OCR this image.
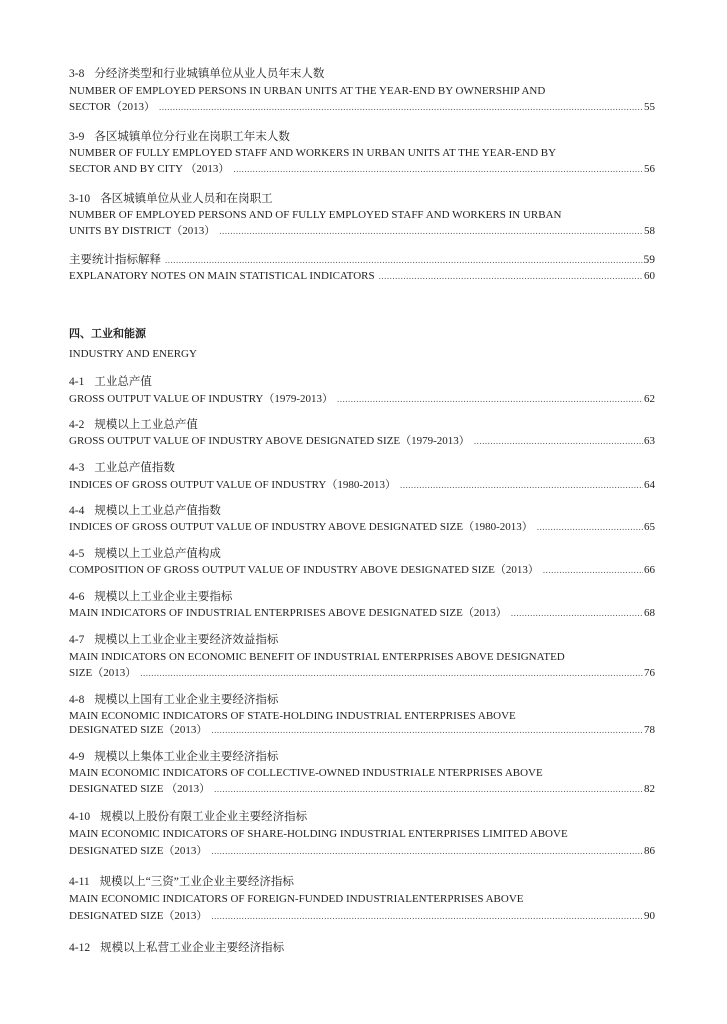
3-8 分经济类型和行业城镇单位从业人员年末人数
NUMBER OF EMPLOYED PERSONS IN URBAN UNITS AT THE YEAR-END BY OWNERSHIP AND
SECTOR（2013） .....	55
3-9 各区城镇单位分行业在岗职工年末人数
NUMBER OF FULLY EMPLOYED STAFF AND WORKERS IN URBAN UNITS AT THE YEAR-END BY
SECTOR AND BY CITY （2013） .....	56
3-10 各区城镇单位从业人员和在岗职工
NUMBER OF EMPLOYED PERSONS AND OF FULLY EMPLOYED STAFF AND WORKERS IN URBAN
UNITS BY DISTRICT（2013） .....	58
主要统计指标解释 .....	59
EXPLANATORY NOTES ON MAIN STATISTICAL INDICATORS .....	60
4-1 工业总产值
GROSS OUTPUT VALUE OF INDUSTRY（1979-2013） .....	62
4-2 规模以上工业总产值
GROSS OUTPUT VALUE OF INDUSTRY ABOVE DESIGNATED SIZE（1979-2013） .....	63
4-3 工业总产值指数
INDICES OF GROSS OUTPUT VALUE OF INDUSTRY（1980-2013） .....	64
4-4 规模以上工业总产值指数
INDICES OF GROSS OUTPUT VALUE OF INDUSTRY ABOVE DESIGNATED SIZE（1980-2013） .....	65
4-5 规模以上工业总产值构成
COMPOSITION OF GROSS OUTPUT VALUE OF INDUSTRY ABOVE DESIGNATED SIZE（2013） .....	66
4-6 规模以上工业企业主要指标
MAIN INDICATORS OF INDUSTRIAL ENTERPRISES ABOVE DESIGNATED SIZE（2013） .....	68
4-7 规模以上工业企业主要经济效益指标
MAIN INDICATORS ON ECONOMIC BENEFIT OF INDUSTRIAL ENTERPRISES ABOVE DESIGNATED
SIZE（2013） .....	76
4-8 规模以上国有工业企业主要经济指标
MAIN ECONOMIC INDICATORS OF STATE-HOLDING INDUSTRIAL ENTERPRISES ABOVE
DESIGNATED SIZE（2013） .....	78
4-9 规模以上集体工业企业主要经济指标
MAIN ECONOMIC INDICATORS OF COLLECTIVE-OWNED INDUSTRIALE NTERPRISES ABOVE
DESIGNATED SIZE （2013） .....	82
4-10 规模以上股份有限工业企业主要经济指标
MAIN ECONOMIC INDICATORS OF SHARE-HOLDING INDUSTRIAL ENTERPRISES LIMITED ABOVE
DESIGNATED SIZE（2013） .....	86
4-11 规模以上“三资”工业企业主要经济指标
MAIN ECONOMIC INDICATORS OF FOREIGN-FUNDED INDUSTRIALENTERPRISES ABOVE
DESIGNATED SIZE（2013） .....	90
4-12 规模以上私营工业企业主要经济指标
四、工业和能源
INDUSTRY AND ENERGY
